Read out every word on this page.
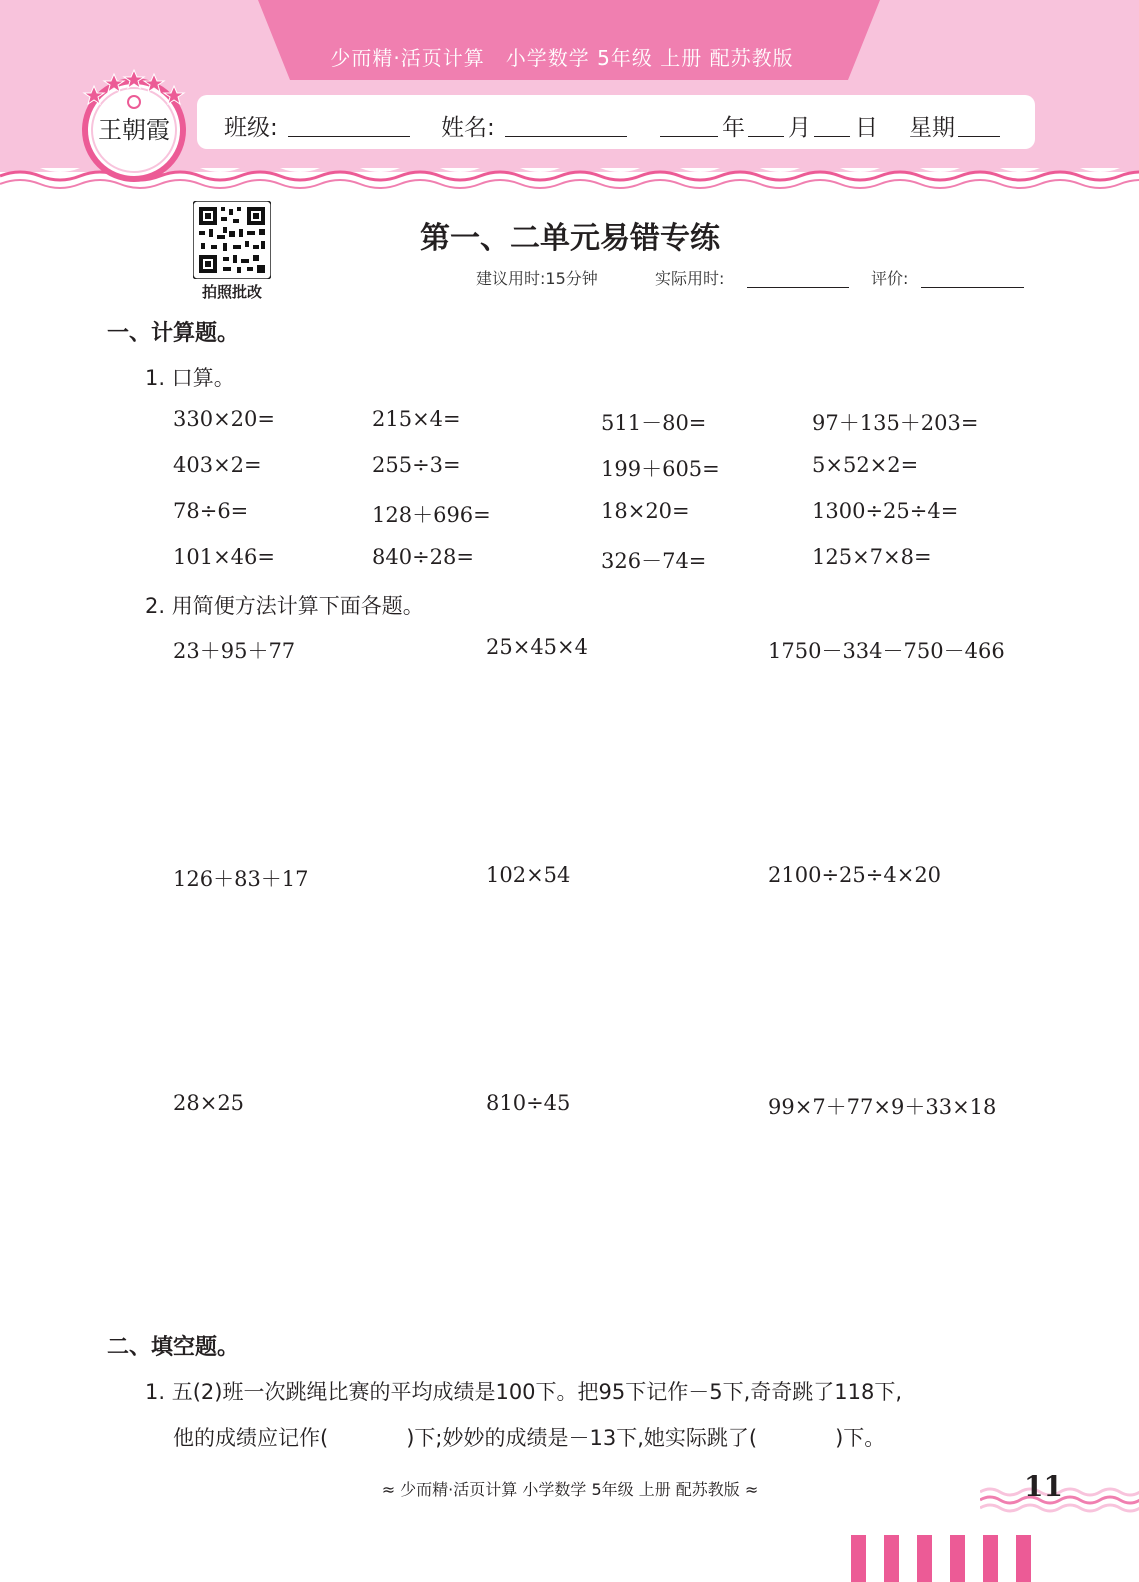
少而精·活页计算　小学数学 5年级 上册 配苏教版
班级:	姓名:	年 月 日 星期
王朝霞
拍照批改
第一、二单元易错专练
建议用时:15分钟	实际用时:	评价:
一、计算题。
1. 口算。
330×20=	215×4=	511－80=	97＋135＋203=
403×2=	255÷3=	199＋605=	5×52×2=
78÷6=	128＋696=	18×20=	1300÷25÷4=
101×46=	840÷28=	326－74=	125×7×8=
2. 用简便方法计算下面各题。
23＋95＋77	25×45×4	1750－334－750－466
126＋83＋17	102×54	2100÷25÷4×20
28×25	810÷45	99×7＋77×9＋33×18
二、填空题。
1. 五(2)班一次跳绳比赛的平均成绩是100下。把95下记作－5下,奇奇跳了118下,
他的成绩应记作(	)下;妙妙的成绩是－13下,她实际跳了(	)下。
≈ 少而精·活页计算 小学数学 5年级 上册 配苏教版 ≈	11
